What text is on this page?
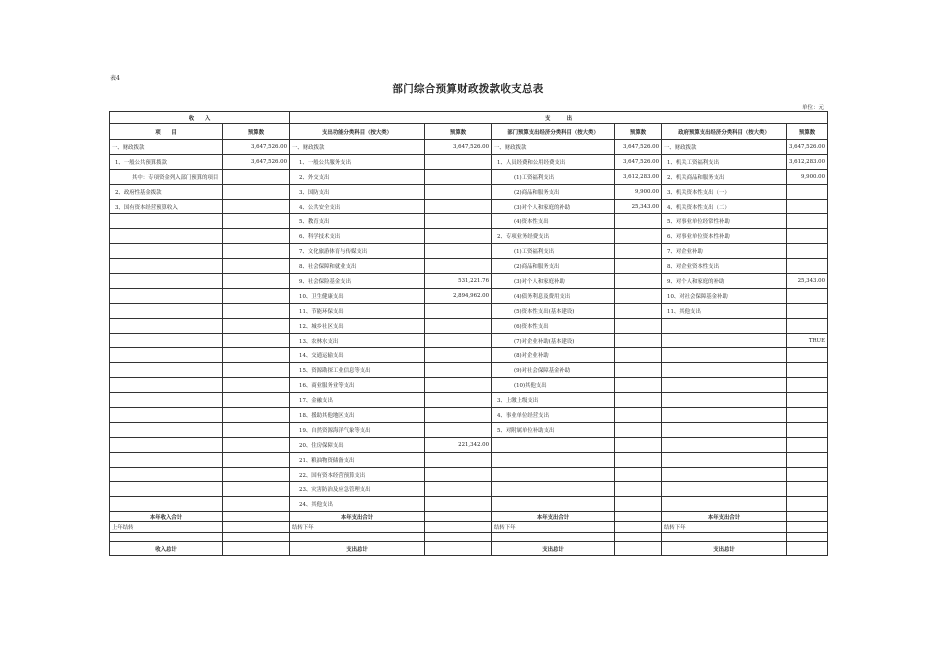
表4
部门综合预算财政拨款收支总表
单位：元
收　　入		支　　　出					
项　　目	预算数	支出功能分类科目（按大类）	预算数	部门预算支出经济分类科目（按大类）	预算数	政府预算支出经济分类科目（按大类）	预算数
一、财政拨款	3,647,526.00	一、财政拨款	3,647,526.00	一、财政拨款	3,647,526.00	一、财政拨款	3,647,526.00
1、一般公共预算拨款	3,647,526.00	1、一般公共服务支出		1、人员经费和公用经费支出	3,647,526.00	1、机关工资福利支出	3,612,283.00
其中：专项资金列入部门预算的项目		2、外交支出		(1)工资福利支出	3,612,283.00	2、机关商品和服务支出	9,900.00
2、政府性基金拨款		3、国防支出		(2)商品和服务支出	9,900.00	3、机关资本性支出（一）	
3、国有资本经营预算收入		4、公共安全支出		(3)对个人和家庭的补助	25,343.00	4、机关资本性支出（二）	
		5、教育支出		(4)资本性支出		5、对事业单位经常性补助	
		6、科学技术支出		2、专项业务经费支出		6、对事业单位资本性补助	
		7、文化旅游体育与传媒支出		(1)工资福利支出		7、对企业补助	
		8、社会保障和就业支出		(2)商品和服务支出		8、对企业资本性支出	
		9、社会保险基金支出	531,221.76	(3)对个人和家庭补助		9、对个人和家庭的补助	25,343.00
		10、卫生健康支出	2,894,962.00	(4)债务利息及费用支出		10、对社会保障基金补助	
		11、节能环保支出		(5)资本性支出(基本建设)		11、其他支出	
		12、城乡社区支出		(6)资本性支出			
		13、农林水支出		(7)对企业补助(基本建设)			TRUE
		14、交通运输支出		(8)对企业补助			
		15、资源勘探工业信息等支出		(9)对社会保障基金补助			
		16、商业服务业等支出		(10)其他支出			
		17、金融支出		3、上缴上级支出			
		18、援助其他地区支出		4、事业单位经营支出			
		19、自然资源海洋气象等支出		5、对附属单位补助支出			
		20、住房保障支出	221,342.00				
		21、粮油物资储备支出					
		22、国有资本经营预算支出					
		23、灾害防治及应急管理支出					
		24、其他支出					
本年收入合计		本年支出合计		本年支出合计		本年支出合计	
上年结转		结转下年		结转下年		结转下年	

收入总计		支出总计		支出总计		支出总计	
